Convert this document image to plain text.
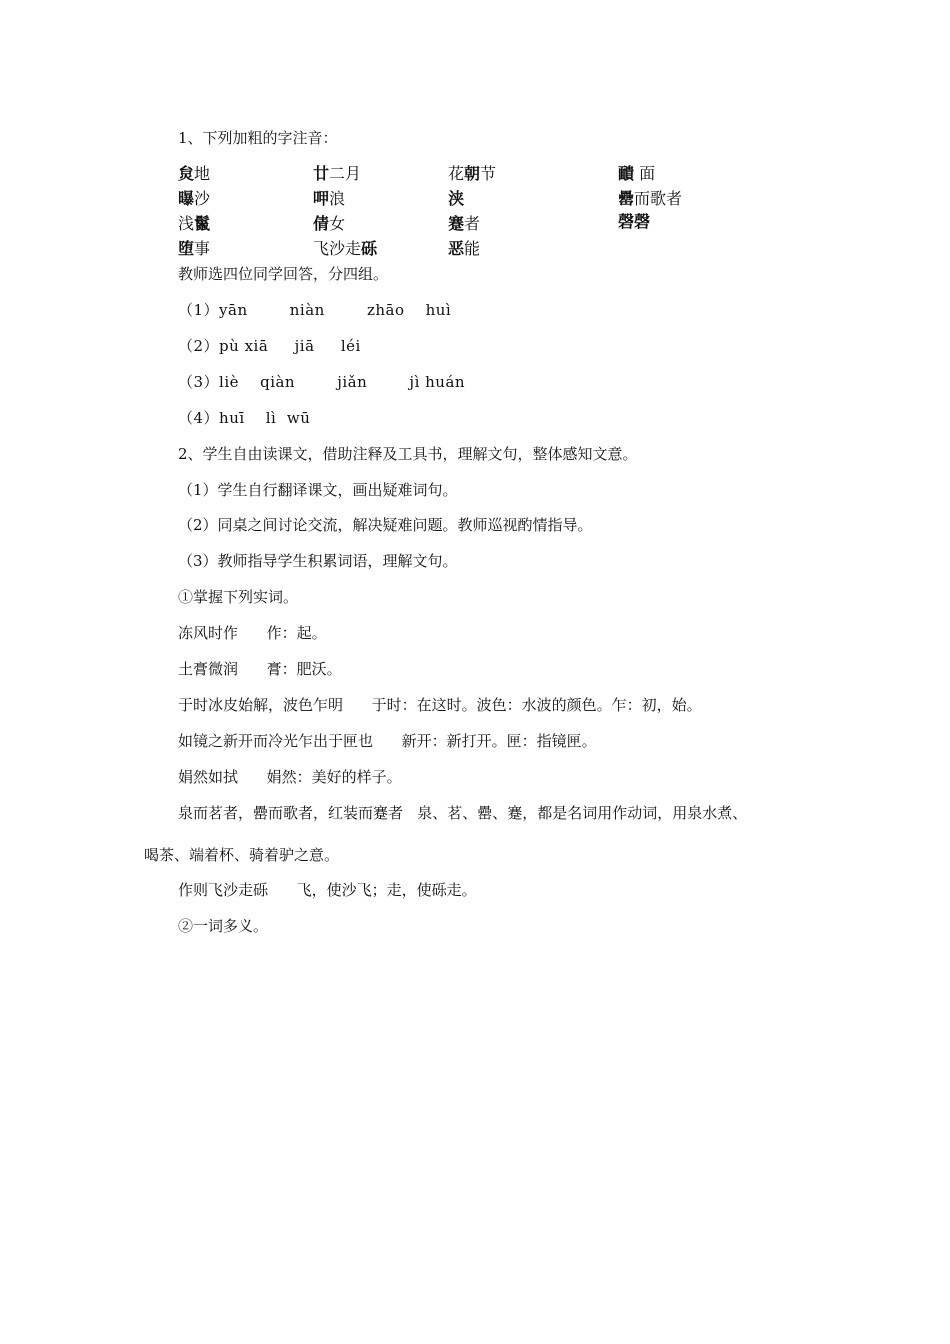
1、下列加粗的字注音：
炱地	廿二月	花朝节	靧 面
曝沙	呷浪	浃	罍而歌者
浅鬣	倩女	蹇者	磬磬
堕事	飞沙走砾	恶能
教师选四位同学回答，分四组。
（1）yān        niàn        zhāo    huì
（2）pù xiā     jiā     léi
（3）liè    qiàn        jiǎn        jì huán
（4）huī    lì  wū
2、学生自由读课文，借助注释及工具书，理解文句，整体感知文意。
（1）学生自行翻译课文，画出疑难词句。
（2）同桌之间讨论交流，解决疑难问题。教师巡视酌情指导。
（3）教师指导学生积累词语，理解文句。
①掌握下列实词。
冻风时作      作：起。
土膏微润      膏：肥沃。
于时冰皮始解，波色乍明      于时：在这时。波色：水波的颜色。乍：初，始。
如镜之新开而冷光乍出于匣也      新开：新打开。匣：指镜匣。
娟然如拭      娟然：美好的样子。
泉而茗者，罍而歌者，红装而蹇者   泉、茗、罍、蹇，都是名词用作动词，用泉水煮、
喝茶、端着杯、骑着驴之意。
作则飞沙走砾      飞，使沙飞；走，使砾走。
②一词多义。
